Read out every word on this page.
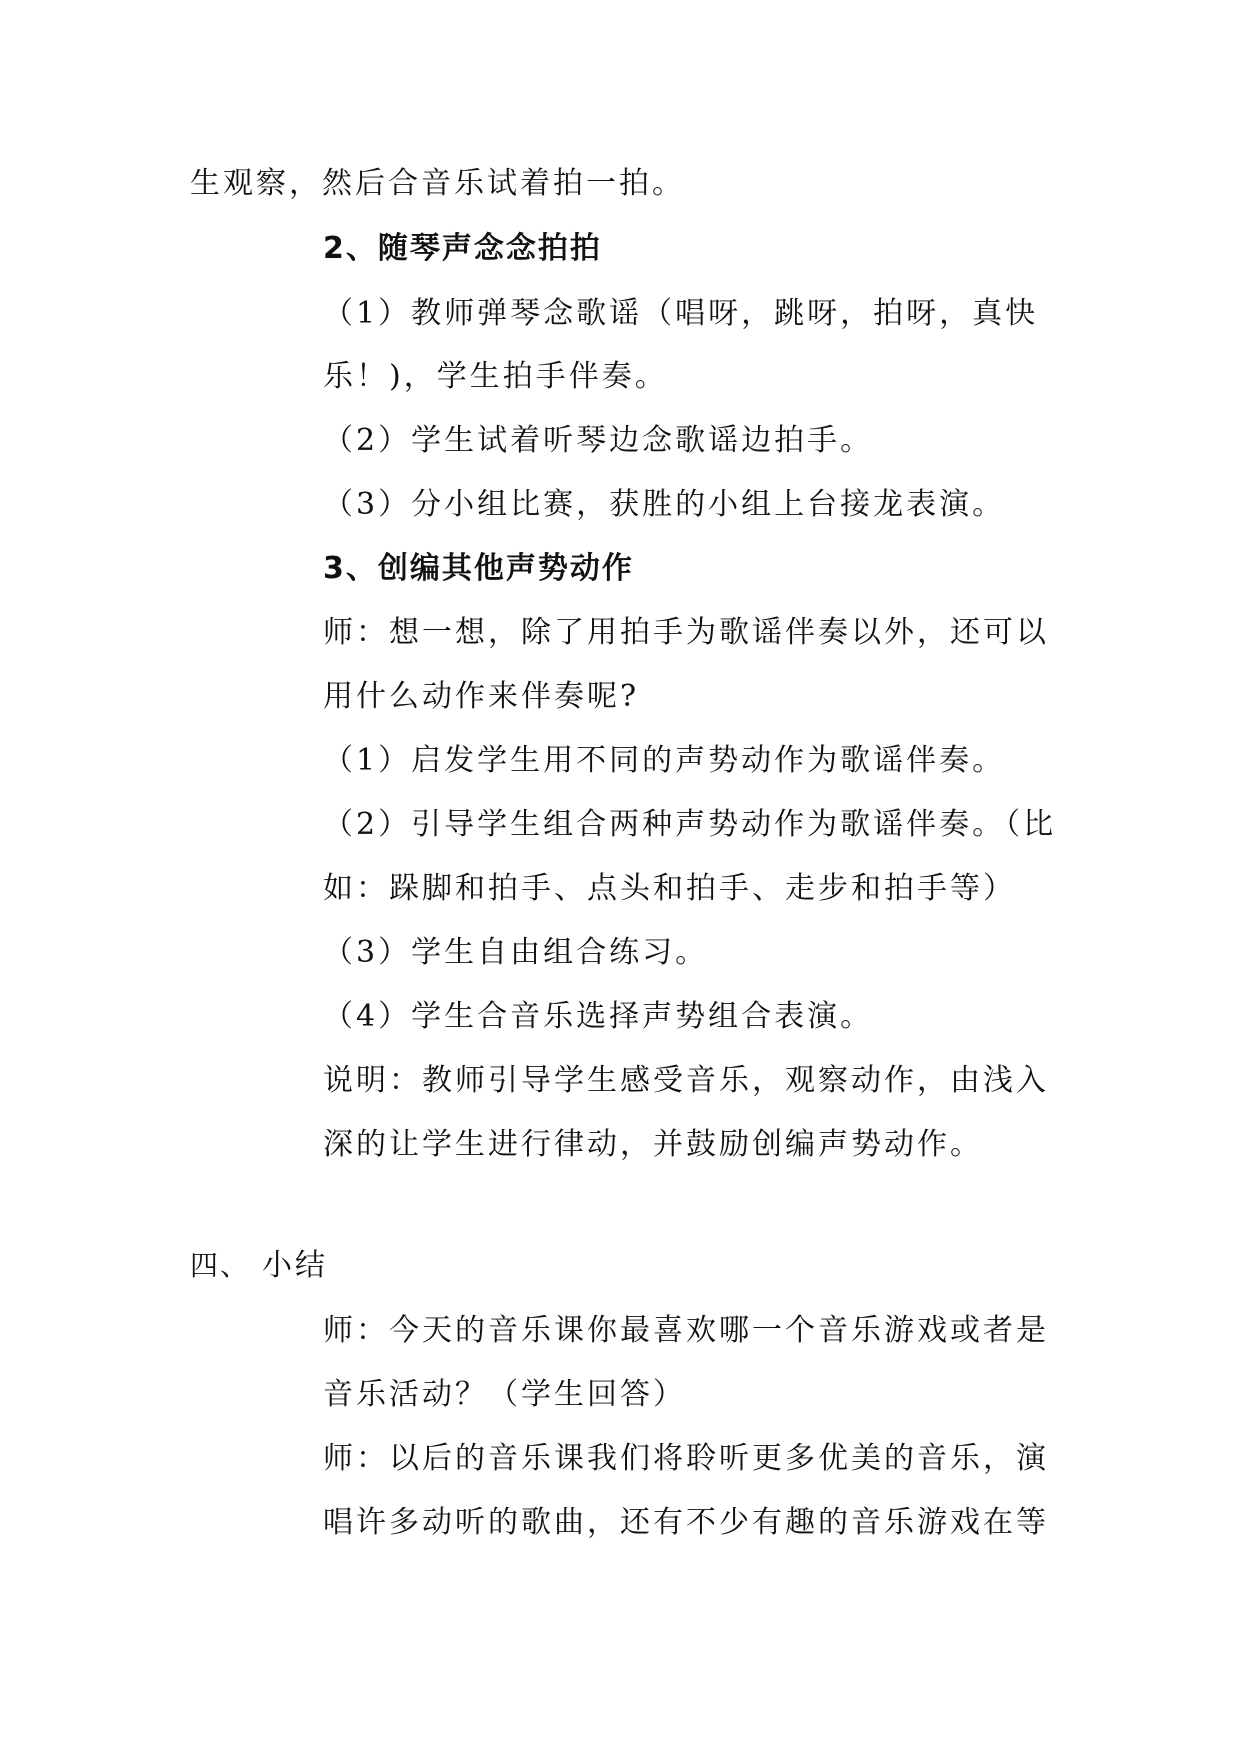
生观察，然后合音乐试着拍一拍。
2、随琴声念念拍拍
（1）教师弹琴念歌谣（唱呀，跳呀，拍呀，真快
乐！)，学生拍手伴奏。
（2）学生试着听琴边念歌谣边拍手。
（3）分小组比赛，获胜的小组上台接龙表演。
3、创编其他声势动作
师：想一想，除了用拍手为歌谣伴奏以外，还可以
用什么动作来伴奏呢?
（1）启发学生用不同的声势动作为歌谣伴奏。
（2）引导学生组合两种声势动作为歌谣伴奏。（比
如：跺脚和拍手、点头和拍手、走步和拍手等）
（3）学生自由组合练习。
（4）学生合音乐选择声势组合表演。
说明：教师引导学生感受音乐，观察动作，由浅入
深的让学生进行律动，并鼓励创编声势动作。
四、 小结
师：今天的音乐课你最喜欢哪一个音乐游戏或者是
音乐活动？（学生回答）
师：以后的音乐课我们将聆听更多优美的音乐，演
唱许多动听的歌曲，还有不少有趣的音乐游戏在等
